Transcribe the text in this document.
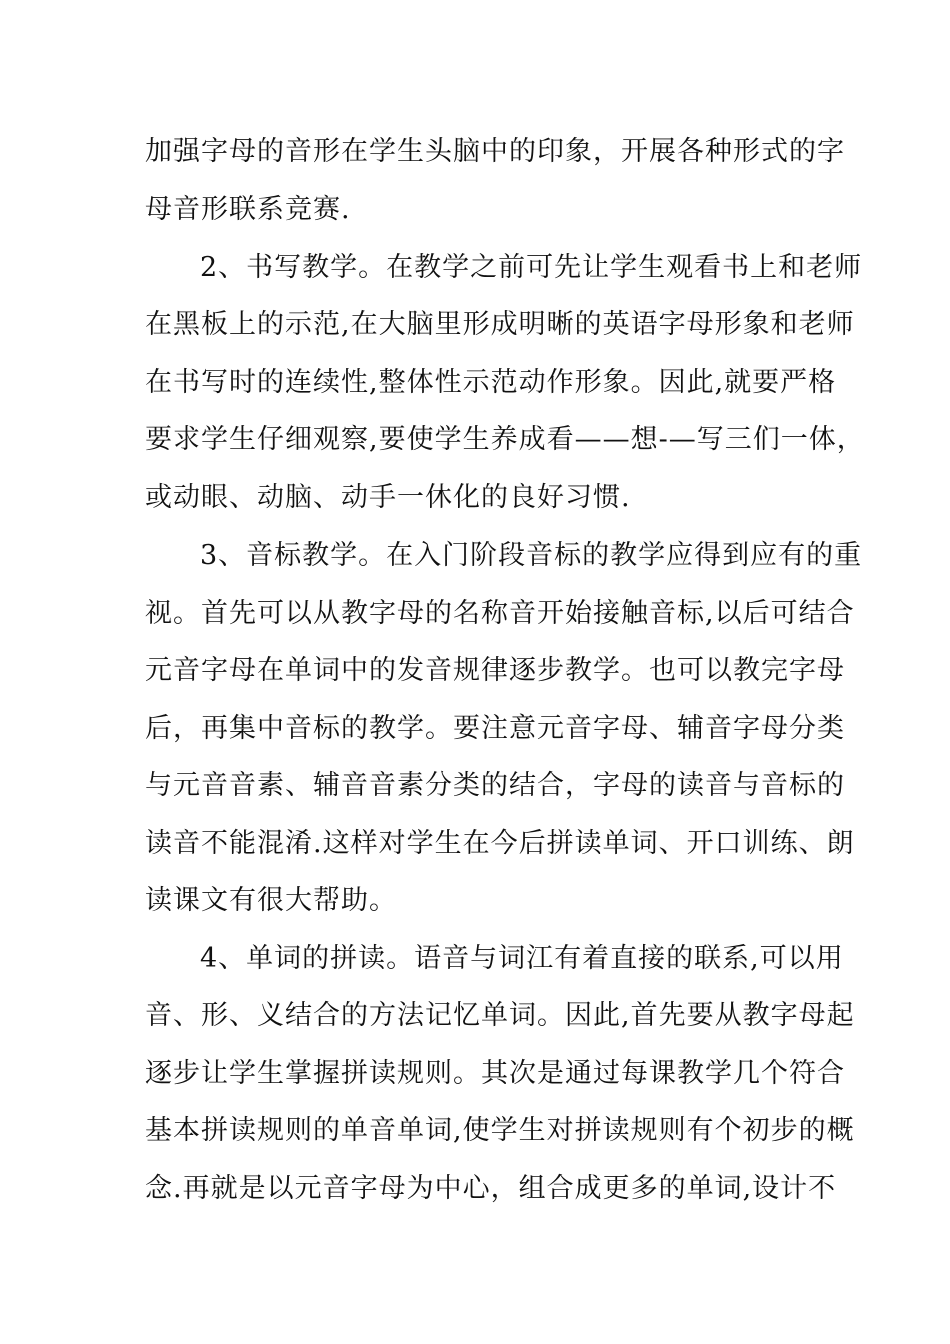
加强字母的音形在学生头脑中的印象，开展各种形式的字
母音形联系竞赛.
2、书写教学。在教学之前可先让学生观看书上和老师
在黑板上的示范,在大脑里形成明晰的英语字母形象和老师
在书写时的连续性,整体性示范动作形象。因此,就要严格
要求学生仔细观察,要使学生养成看——想-—写三们一体，
或动眼、动脑、动手一休化的良好习惯.
3、音标教学。在入门阶段音标的教学应得到应有的重
视。首先可以从教字母的名称音开始接触音标,以后可结合
元音字母在单词中的发音规律逐步教学。也可以教完字母
后，再集中音标的教学。要注意元音字母、辅音字母分类
与元音音素、辅音音素分类的结合，字母的读音与音标的
读音不能混淆.这样对学生在今后拼读单词、开口训练、朗
读课文有很大帮助。
4、单词的拼读。语音与词江有着直接的联系,可以用
音、形、义结合的方法记忆单词。因此,首先要从教字母起
逐步让学生掌握拼读规则。其次是通过每课教学几个符合
基本拼读规则的单音单词,使学生对拼读规则有个初步的概
念.再就是以元音字母为中心，组合成更多的单词,设计不
